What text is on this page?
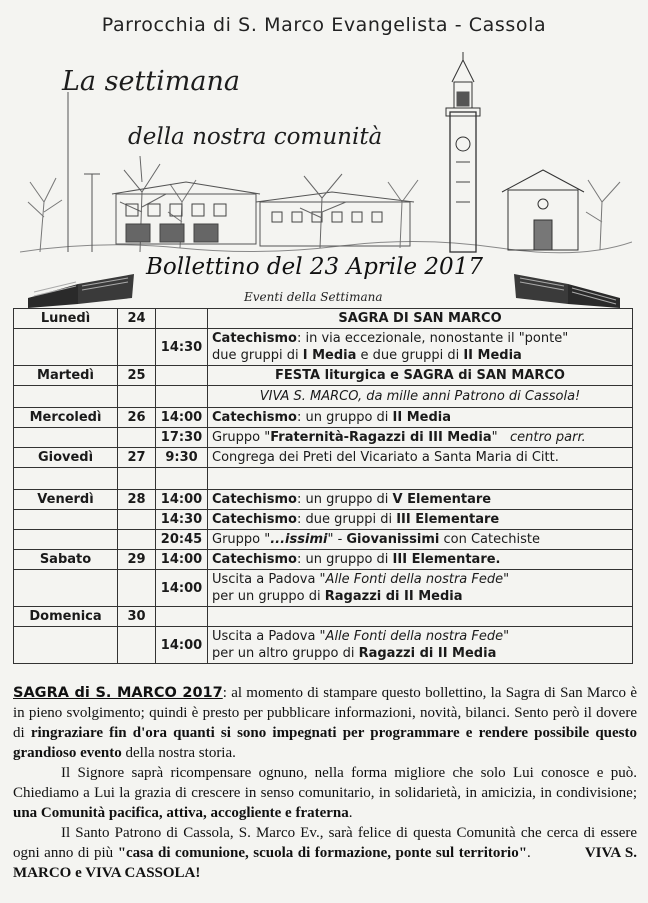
Parrocchia di S. Marco Evangelista - Cassola
La settimana
della nostra comunità
Bollettino del 23 Aprile 2017
Eventi della Settimana
Lunedì	24		SAGRA DI SAN MARCO
		14:30	Catechismo: in via eccezionale, nonostante il "ponte"
due gruppi di I Media e due gruppi di II Media
Martedì	25		FESTA liturgica e SAGRA di SAN MARCO
			VIVA S. MARCO, da mille anni Patrono di Cassola!
Mercoledì	26	14:00	Catechismo: un gruppo di II Media
		17:30	Gruppo "Fraternità-Ragazzi di III Media" centro parr.
Giovedì	27	9:30	Congrega dei Preti del Vicariato a Santa Maria di Citt.

Venerdì	28	14:00	Catechismo: un gruppo di V Elementare
		14:30	Catechismo: due gruppi di III Elementare
		20:45	Gruppo "...issimi" - Giovanissimi con Catechiste
Sabato	29	14:00	Catechismo: un gruppo di III Elementare.
		14:00	Uscita a Padova "Alle Fonti della nostra Fede"
per un gruppo di Ragazzi di II Media
Domenica	30		
		14:00	Uscita a Padova "Alle Fonti della nostra Fede"
per un altro gruppo di Ragazzi di II Media

SAGRA di S. MARCO 2017: al momento di stampare questo bollettino, la Sagra di San Marco è in pieno svolgimento; quindi è presto per pubblicare informazioni, novità, bilanci. Sento però il dovere di ringraziare fin d'ora quanti si sono impegnati per programmare e rendere possibile questo grandioso evento della nostra storia.

Il Signore saprà ricompensare ognuno, nella forma migliore che solo Lui conosce e può. Chiediamo a Lui la grazia di crescere in senso comunitario, in solidarietà, in amicizia, in condivisione; una Comunità pacifica, attiva, accogliente e fraterna.

Il Santo Patrono di Cassola, S. Marco Ev., sarà felice di questa Comunità che cerca di essere ogni anno di più "casa di comunione, scuola di formazione, ponte sul territorio".	VIVA S. MARCO e VIVA CASSOLA!
